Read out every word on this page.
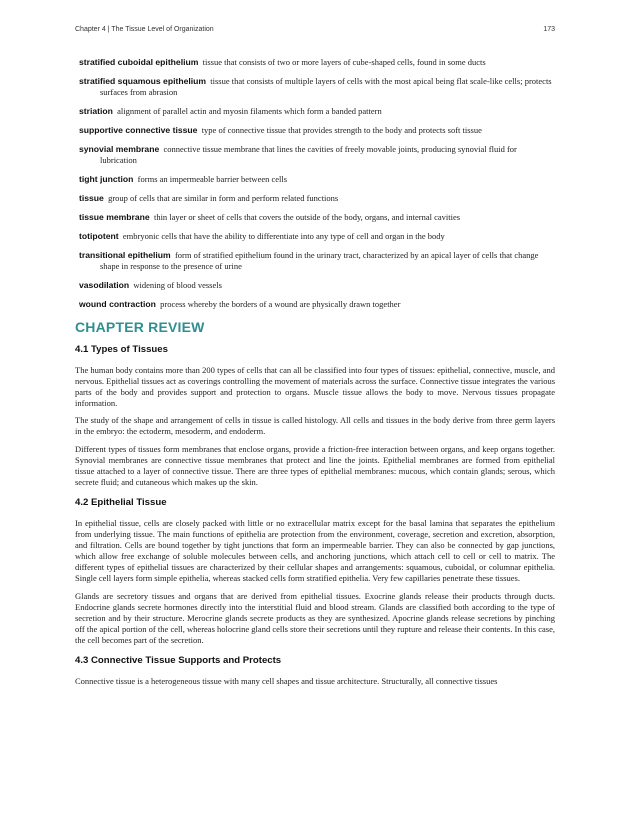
Chapter 4 | The Tissue Level of Organization	173

stratified cuboidal epithelium tissue that consists of two or more layers of cube-shaped cells, found in some ducts

stratified squamous epithelium tissue that consists of multiple layers of cells with the most apical being flat scale-like cells; protects surfaces from abrasion

striation alignment of parallel actin and myosin filaments which form a banded pattern

supportive connective tissue type of connective tissue that provides strength to the body and protects soft tissue

synovial membrane connective tissue membrane that lines the cavities of freely movable joints, producing synovial fluid for lubrication

tight junction forms an impermeable barrier between cells

tissue group of cells that are similar in form and perform related functions

tissue membrane thin layer or sheet of cells that covers the outside of the body, organs, and internal cavities

totipotent embryonic cells that have the ability to differentiate into any type of cell and organ in the body

transitional epithelium form of stratified epithelium found in the urinary tract, characterized by an apical layer of cells that change shape in response to the presence of urine

vasodilation widening of blood vessels

wound contraction process whereby the borders of a wound are physically drawn together

CHAPTER REVIEW
4.1 Types of Tissues

The human body contains more than 200 types of cells that can all be classified into four types of tissues: epithelial, connective, muscle, and nervous. Epithelial tissues act as coverings controlling the movement of materials across the surface. Connective tissue integrates the various parts of the body and provides support and protection to organs. Muscle tissue allows the body to move. Nervous tissues propagate information.

The study of the shape and arrangement of cells in tissue is called histology. All cells and tissues in the body derive from three germ layers in the embryo: the ectoderm, mesoderm, and endoderm.

Different types of tissues form membranes that enclose organs, provide a friction-free interaction between organs, and keep organs together. Synovial membranes are connective tissue membranes that protect and line the joints. Epithelial membranes are formed from epithelial tissue attached to a layer of connective tissue. There are three types of epithelial membranes: mucous, which contain glands; serous, which secrete fluid; and cutaneous which makes up the skin.

4.2 Epithelial Tissue

In epithelial tissue, cells are closely packed with little or no extracellular matrix except for the basal lamina that separates the epithelium from underlying tissue. The main functions of epithelia are protection from the environment, coverage, secretion and excretion, absorption, and filtration. Cells are bound together by tight junctions that form an impermeable barrier. They can also be connected by gap junctions, which allow free exchange of soluble molecules between cells, and anchoring junctions, which attach cell to cell or cell to matrix. The different types of epithelial tissues are characterized by their cellular shapes and arrangements: squamous, cuboidal, or columnar epithelia. Single cell layers form simple epithelia, whereas stacked cells form stratified epithelia. Very few capillaries penetrate these tissues.

Glands are secretory tissues and organs that are derived from epithelial tissues. Exocrine glands release their products through ducts. Endocrine glands secrete hormones directly into the interstitial fluid and blood stream. Glands are classified both according to the type of secretion and by their structure. Merocrine glands secrete products as they are synthesized. Apocrine glands release secretions by pinching off the apical portion of the cell, whereas holocrine gland cells store their secretions until they rupture and release their contents. In this case, the cell becomes part of the secretion.

4.3 Connective Tissue Supports and Protects

Connective tissue is a heterogeneous tissue with many cell shapes and tissue architecture. Structurally, all connective tissues
